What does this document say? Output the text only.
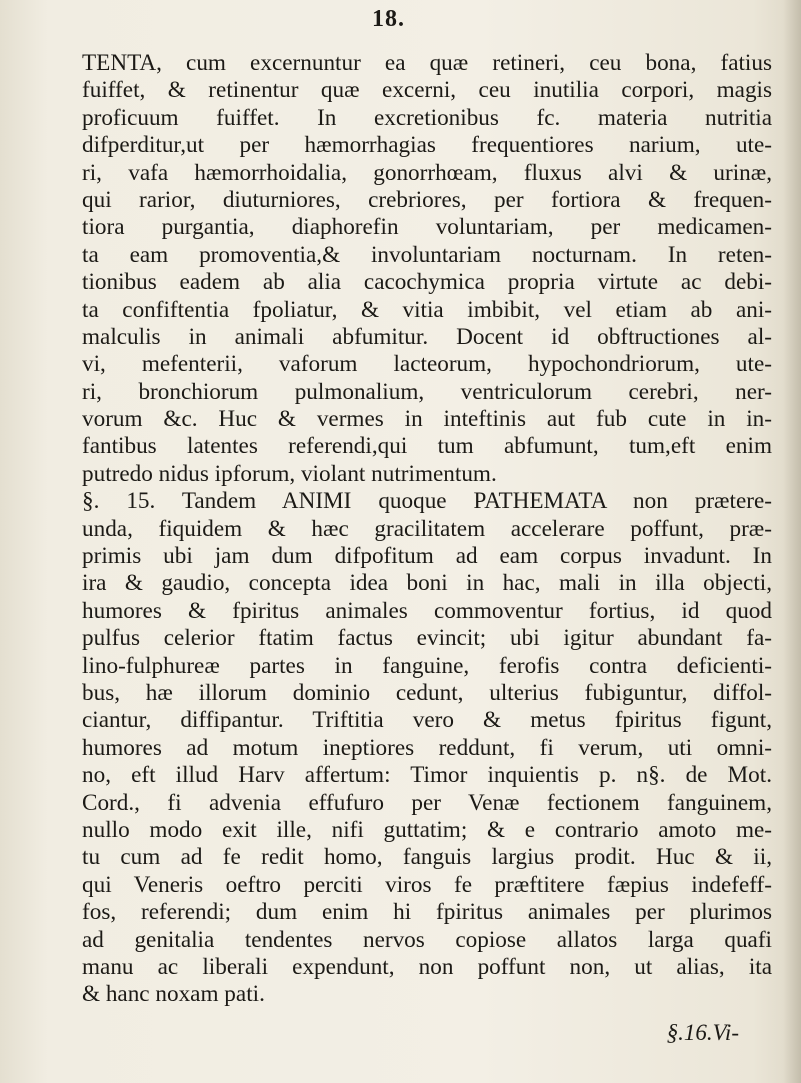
18.
TENTA, cum excernuntur ea quæ retineri, ceu bona, fatius
fuiffet, & retinentur quæ excerni, ceu inutilia corpori, magis
proficuum fuiffet. In excretionibus fc. materia nutritia
difperditur,ut per hæmorrhagias frequentiores narium, ute-
ri, vafa hæmorrhoidalia, gonorrhœam, fluxus alvi & urinæ,
qui rarior, diuturniores, crebriores, per fortiora & frequen-
tiora purgantia, diaphorefin voluntariam, per medicamen-
ta eam promoventia,& involuntariam nocturnam. In reten-
tionibus eadem ab alia cacochymica propria virtute ac debi-
ta confiftentia fpoliatur, & vitia imbibit, vel etiam ab ani-
malculis in animali abfumitur. Docent id obftructiones al-
vi, mefenterii, vaforum lacteorum, hypochondriorum, ute-
ri, bronchiorum pulmonalium, ventriculorum cerebri, ner-
vorum &c. Huc & vermes in inteftinis aut fub cute in in-
fantibus latentes referendi,qui tum abfumunt, tum,eft enim
putredo nidus ipforum, violant nutrimentum.
§. 15. Tandem ANIMI quoque PATHEMATA non prætere-
unda, fiquidem & hæc gracilitatem accelerare poffunt, præ-
primis ubi jam dum difpofitum ad eam corpus invadunt. In
ira & gaudio, concepta idea boni in hac, mali in illa objecti,
humores & fpiritus animales commoventur fortius, id quod
pulfus celerior ftatim factus evincit; ubi igitur abundant fa-
lino-fulphureæ partes in fanguine, ferofis contra deficienti-
bus, hæ illorum dominio cedunt, ulterius fubiguntur, diffol-
ciantur, diffipantur. Triftitia vero & metus fpiritus figunt,
humores ad motum ineptiores reddunt, fi verum, uti omni-
no, eft illud Harv affertum: Timor inquientis p. n§. de Mot.
Cord., fi advenia effufuro per Venæ fectionem fanguinem,
nullo modo exit ille, nifi guttatim; & e contrario amoto me-
tu cum ad fe redit homo, fanguis largius prodit. Huc & ii,
qui Veneris oeftro perciti viros fe præftitere fæpius indefeff-
fos, referendi; dum enim hi fpiritus animales per plurimos
ad genitalia tendentes nervos copiose allatos larga quafi
manu ac liberali expendunt, non poffunt non, ut alias, ita
& hanc noxam pati.
§.16.Vi-
